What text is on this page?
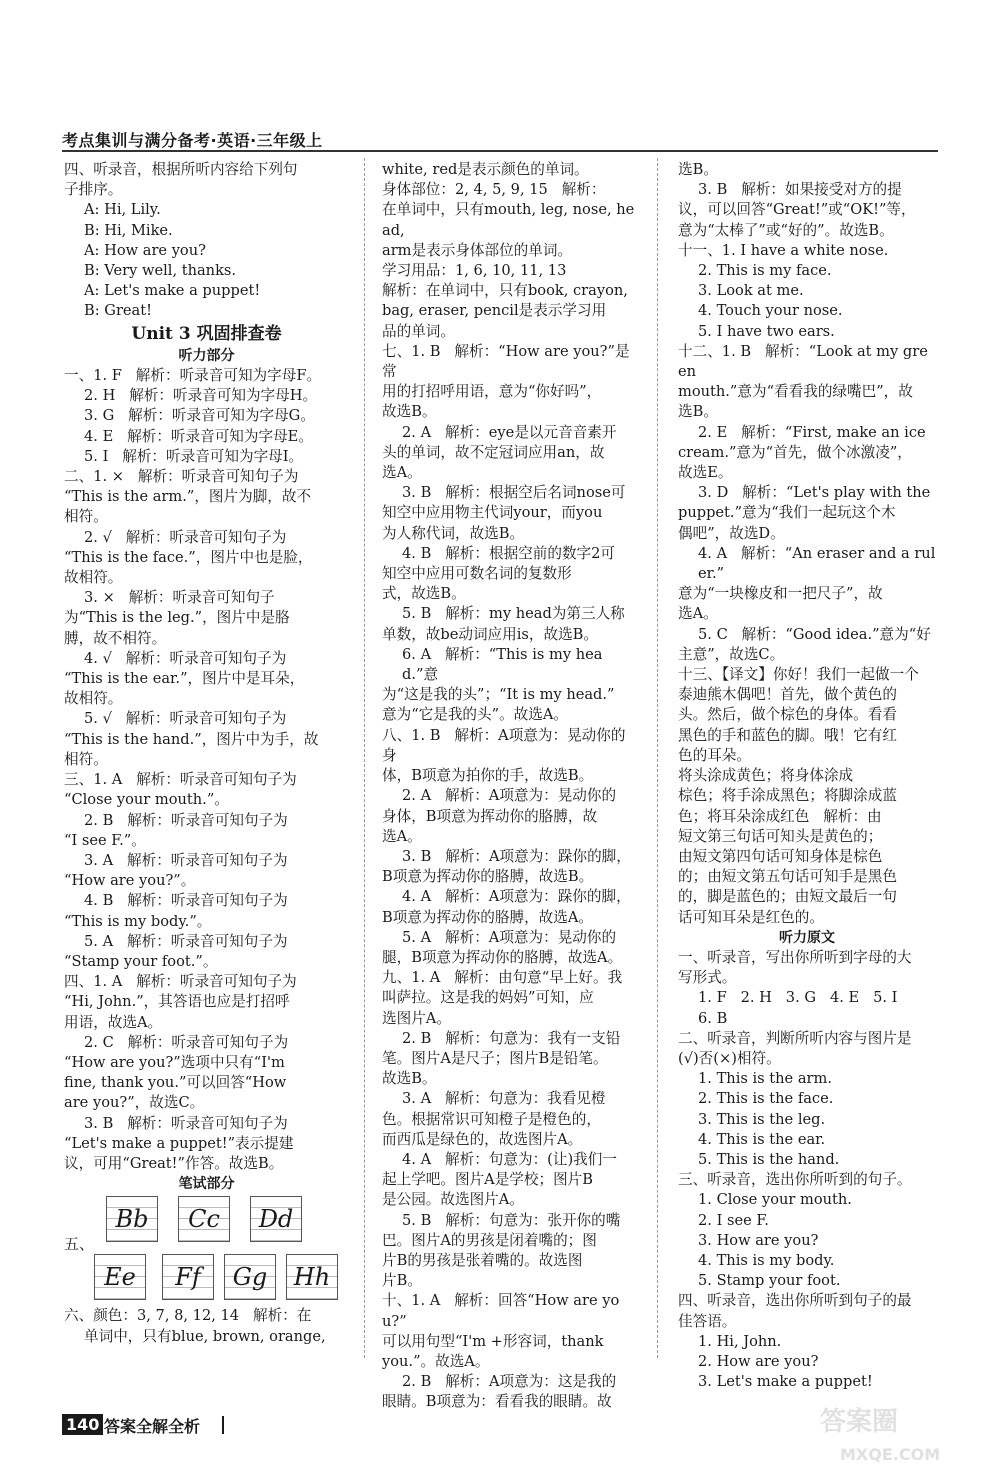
考点集训与满分备考·英语·三年级上
四、听录音，根据所听内容给下列句
子排序。
A: Hi, Lily.
B: Hi, Mike.
A: How are you?
B: Very well, thanks.
A: Let's make a puppet!
B: Great!
Unit 3 巩固排查卷
听力部分
一、1. F   解析：听录音可知为字母F。
2. H   解析：听录音可知为字母H。
3. G   解析：听录音可知为字母G。
4. E   解析：听录音可知为字母E。
5. I   解析：听录音可知为字母I。
二、1. ×   解析：听录音可知句子为
“This is the arm.”，图片为脚，故不
相符。
2. √   解析：听录音可知句子为
“This is the face.”，图片中也是脸，
故相符。
3. ×   解析：听录音可知句子
为“This is the leg.”，图片中是胳
膊，故不相符。
4. √   解析：听录音可知句子为
“This is the ear.”，图片中是耳朵，
故相符。
5. √   解析：听录音可知句子为
“This is the hand.”，图片中为手，故
相符。
三、1. A   解析：听录音可知句子为
“Close your mouth.”。
2. B   解析：听录音可知句子为
“I see F.”。
3. A   解析：听录音可知句子为
“How are you?”。
4. B   解析：听录音可知句子为
“This is my body.”。
5. A   解析：听录音可知句子为
“Stamp your foot.”。
四、1. A   解析：听录音可知句子为
“Hi, John.”，其答语也应是打招呼
用语，故选A。
2. C   解析：听录音可知句子为
“How are you?”选项中只有“I'm
fine, thank you.”可以回答“How
are you?”，故选C。
3. B   解析：听录音可知句子为
“Let's make a puppet!”表示提建
议，可用“Great!”作答。故选B。
笔试部分
五、
Bb	Cc	Dd
Ee	Ff	Gg	Hh
六、颜色：3, 7, 8, 12, 14   解析：在
单词中，只有blue, brown, orange,
white, red是表示颜色的单词。
身体部位：2, 4, 5, 9, 15   解析：
在单词中，只有mouth, leg, nose, head,
arm是表示身体部位的单词。
学习用品：1, 6, 10, 11, 13
解析：在单词中，只有book, crayon,
bag, eraser, pencil是表示学习用
品的单词。
七、1. B   解析：“How are you?”是常
用的打招呼用语，意为“你好吗”，
故选B。
2. A   解析：eye是以元音音素开
头的单词，故不定冠词应用an，故
选A。
3. B   解析：根据空后名词nose可
知空中应用物主代词your，而you
为人称代词，故选B。
4. B   解析：根据空前的数字2可
知空中应用可数名词的复数形
式，故选B。
5. B   解析：my head为第三人称
单数，故be动词应用is，故选B。
6. A   解析：“This is my head.”意
为“这是我的头”；“It is my head.”
意为“它是我的头”。故选A。
八、1. B   解析：A项意为：晃动你的身
体，B项意为拍你的手，故选B。
2. A   解析：A项意为：晃动你的
身体，B项意为挥动你的胳膊，故
选A。
3. B   解析：A项意为：跺你的脚，
B项意为挥动你的胳膊，故选B。
4. A   解析：A项意为：跺你的脚，
B项意为挥动你的胳膊，故选A。
5. A   解析：A项意为：晃动你的
腿，B项意为挥动你的胳膊，故选A。
九、1. A   解析：由句意“早上好。我
叫萨拉。这是我的妈妈”可知，应
选图片A。
2. B   解析：句意为：我有一支铅
笔。图片A是尺子；图片B是铅笔。
故选B。
3. A   解析：句意为：我看见橙
色。根据常识可知橙子是橙色的，
而西瓜是绿色的，故选图片A。
4. A   解析：句意为：(让)我们一
起上学吧。图片A是学校；图片B
是公园。故选图片A。
5. B   解析：句意为：张开你的嘴
巴。图片A的男孩是闭着嘴的；图
片B的男孩是张着嘴的。故选图
片B。
十、1. A   解析：回答“How are you?”
可以用句型“I'm +形容词，thank
you.”。故选A。
2. B   解析：A项意为：这是我的
眼睛。B项意为：看看我的眼睛。故
选B。
3. B   解析：如果接受对方的提
议，可以回答“Great!”或“OK!”等，
意为“太棒了”或“好的”。故选B。
十一、1. I have a white nose.
2. This is my face.
3. Look at me.
4. Touch your nose.
5. I have two ears.
十二、1. B   解析：“Look at my green
mouth.”意为“看看我的绿嘴巴”，故
选B。
2. E   解析：“First, make an ice
cream.”意为“首先，做个冰激凌”，
故选E。
3. D   解析：“Let's play with the
puppet.”意为“我们一起玩这个木
偶吧”，故选D。
4. A   解析：“An eraser and a ruler.”
意为“一块橡皮和一把尺子”，故
选A。
5. C   解析：“Good idea.”意为“好
主意”，故选C。
十三、【译文】你好！我们一起做一个
泰迪熊木偶吧！首先，做个黄色的
头。然后，做个棕色的身体。看看
黑色的手和蓝色的脚。哦！它有红
色的耳朵。
将头涂成黄色；将身体涂成
棕色；将手涂成黑色；将脚涂成蓝
色；将耳朵涂成红色   解析：由
短文第三句话可知头是黄色的；
由短文第四句话可知身体是棕色
的；由短文第五句话可知手是黑色
的，脚是蓝色的；由短文最后一句
话可知耳朵是红色的。
听力原文
一、听录音，写出你所听到字母的大
写形式。
1. F   2. H   3. G   4. E   5. I
6. B
二、听录音，判断所听内容与图片是
(√)否(×)相符。
1. This is the arm.
2. This is the face.
3. This is the leg.
4. This is the ear.
5. This is the hand.
三、听录音，选出你所听到的句子。
1. Close your mouth.
2. I see F.
3. How are you?
4. This is my body.
5. Stamp your foot.
四、听录音，选出你所听到句子的最
佳答语。
1. Hi, John.
2. How are you?
3. Let's make a puppet!
140 答案全解全析	答案圈
MXQE.COM
